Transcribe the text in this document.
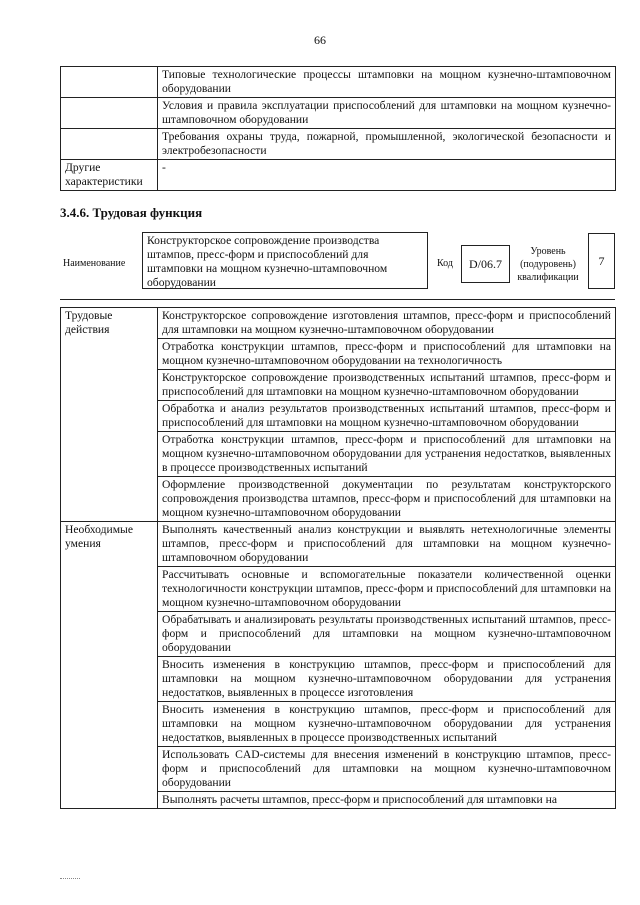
66
	Типовые технологические процессы штамповки на мощном кузнечно-штамповочном оборудовании
	Условия и правила эксплуатации приспособлений для штамповки на мощном кузнечно-штамповочном оборудовании
	Требования охраны труда, пожарной, промышленной, экологической безопасности и электробезопасности
Другие характеристики	-
3.4.6. Трудовая функция
Наименование
Конструкторское сопровождение производства штампов, пресс-форм и приспособлений для штамповки на мощном кузнечно-штамповочном оборудовании
Код	D/06.7
Уровень (подуровень) квалификации
7
Трудовые действия	Конструкторское сопровождение изготовления штампов, пресс-форм и приспособлений для штамповки на мощном кузнечно-штамповочном оборудовании
	Отработка конструкции штампов, пресс-форм и приспособлений для штамповки на мощном кузнечно-штамповочном оборудовании на технологичность
	Конструкторское сопровождение производственных испытаний штампов, пресс-форм и приспособлений для штамповки на мощном кузнечно-штамповочном оборудовании
	Обработка и анализ результатов производственных испытаний штампов, пресс-форм и приспособлений для штамповки на мощном кузнечно-штамповочном оборудовании
	Отработка конструкции штампов, пресс-форм и приспособлений для штамповки на мощном кузнечно-штамповочном оборудовании для устранения недостатков, выявленных в процессе производственных испытаний
	Оформление производственной документации по результатам конструкторского сопровождения производства штампов, пресс-форм и приспособлений для штамповки на мощном кузнечно-штамповочном оборудовании
Необходимые умения	Выполнять качественный анализ конструкции и выявлять нетехнологичные элементы штампов, пресс-форм и приспособлений для штамповки на мощном кузнечно-штамповочном оборудовании
	Рассчитывать основные и вспомогательные показатели количественной оценки технологичности конструкции штампов, пресс-форм и приспособлений для штамповки на мощном кузнечно-штамповочном оборудовании
	Обрабатывать и анализировать результаты производственных испытаний штампов, пресс-форм и приспособлений для штамповки на мощном кузнечно-штамповочном оборудовании
	Вносить изменения в конструкцию штампов, пресс-форм и приспособлений для штамповки на мощном кузнечно-штамповочном оборудовании для устранения недостатков, выявленных в процессе изготовления
	Вносить изменения в конструкцию штампов, пресс-форм и приспособлений для штамповки на мощном кузнечно-штамповочном оборудовании для устранения недостатков, выявленных в процессе производственных испытаний
	Использовать CAD-системы для внесения изменений в конструкцию штампов, пресс-форм и приспособлений для штамповки на мощном кузнечно-штамповочном оборудовании
	Выполнять расчеты штампов, пресс-форм и приспособлений для штамповки на
